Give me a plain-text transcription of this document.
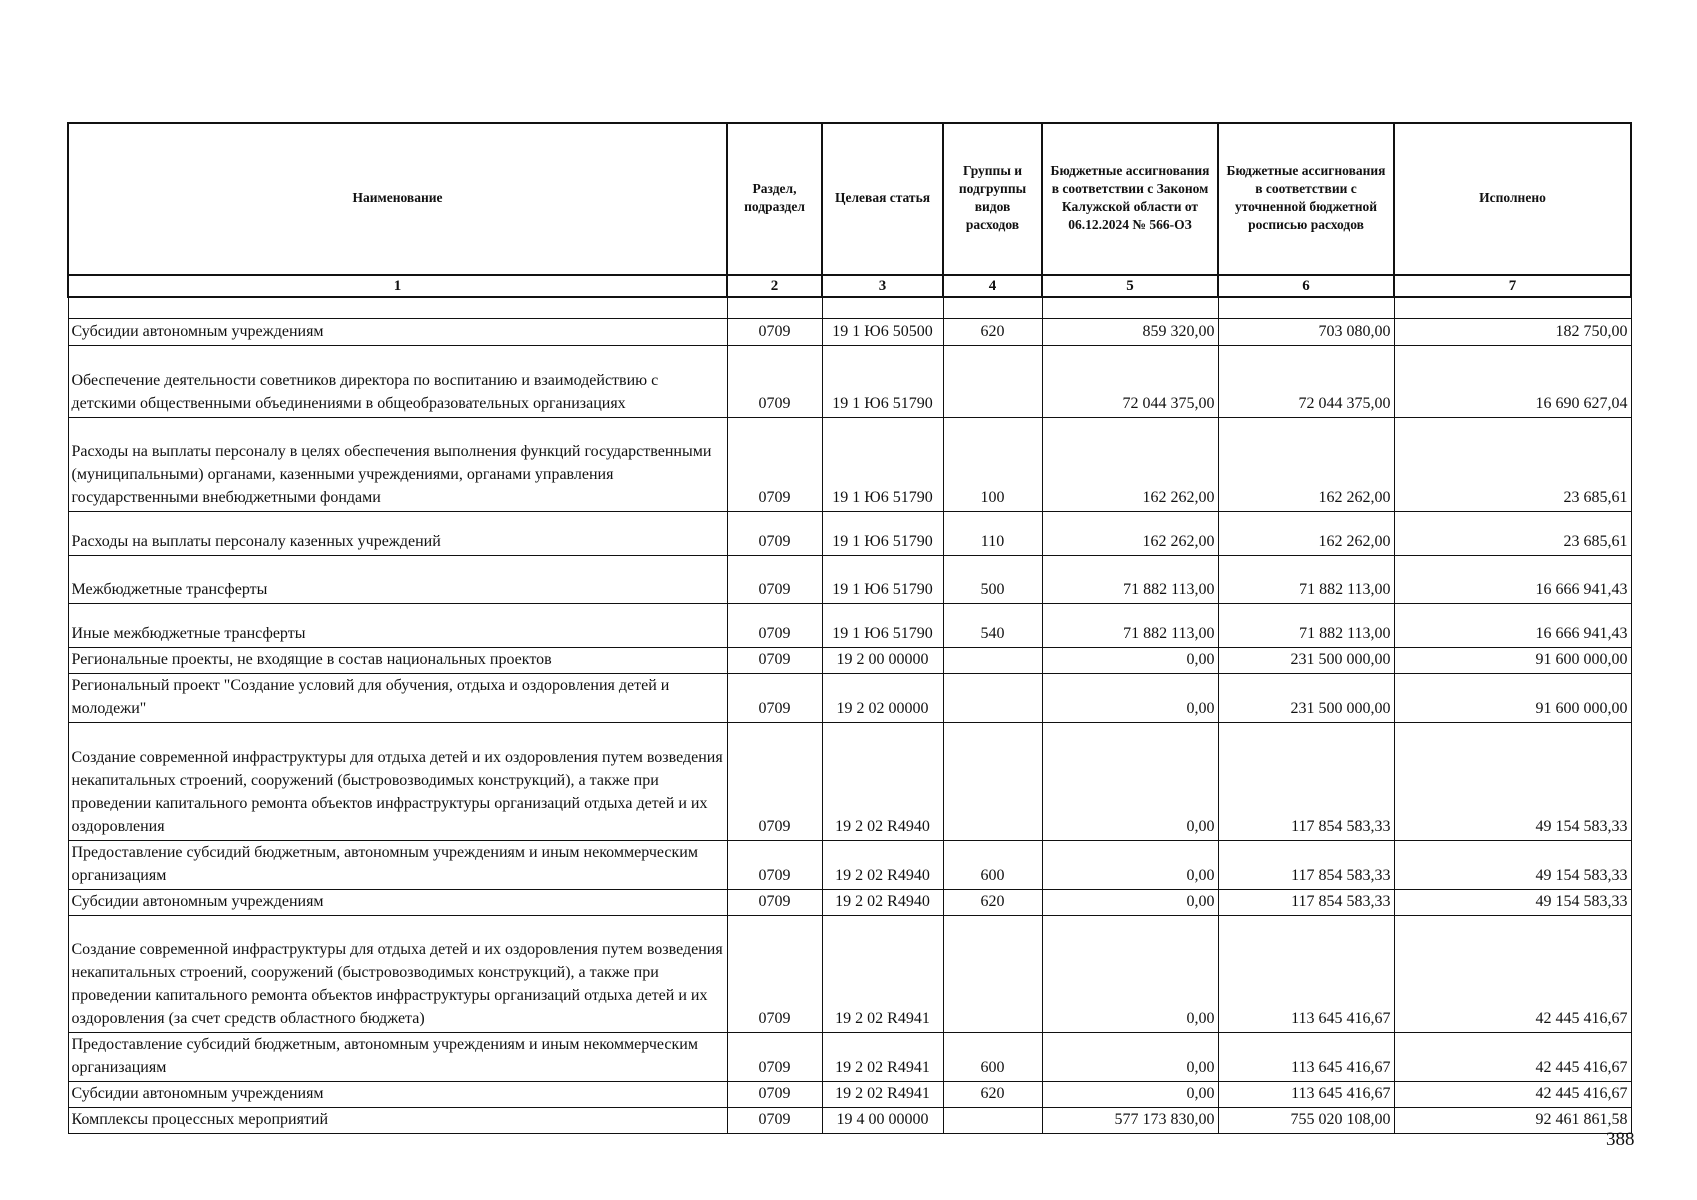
Наименование	Раздел, подраздел	Целевая статья	Группы и подгруппы видов расходов	Бюджетные ассигнования в соответствии с Законом Калужской области от 06.12.2024 № 566-ОЗ	Бюджетные ассигнования в соответствии с уточненной бюджетной росписью расходов	Исполнено
1	2	3	4	5	6	7

Субсидии автономным учреждениям	0709	19 1 Ю6 50500	620	859 320,00	703 080,00	182 750,00
Обеспечение деятельности советников директора по воспитанию и взаимодействию с детскими общественными объединениями в общеобразовательных организациях	0709	19 1 Ю6 51790		72 044 375,00	72 044 375,00	16 690 627,04
Расходы на выплаты персоналу в целях обеспечения выполнения функций государственными (муниципальными) органами, казенными учреждениями, органами управления государственными внебюджетными фондами	0709	19 1 Ю6 51790	100	162 262,00	162 262,00	23 685,61
Расходы на выплаты персоналу казенных учреждений	0709	19 1 Ю6 51790	110	162 262,00	162 262,00	23 685,61
Межбюджетные трансферты	0709	19 1 Ю6 51790	500	71 882 113,00	71 882 113,00	16 666 941,43
Иные межбюджетные трансферты	0709	19 1 Ю6 51790	540	71 882 113,00	71 882 113,00	16 666 941,43
Региональные проекты, не входящие в состав национальных проектов	0709	19 2 00 00000		0,00	231 500 000,00	91 600 000,00
Региональный проект "Создание условий для обучения, отдыха и оздоровления детей и молодежи"	0709	19 2 02 00000		0,00	231 500 000,00	91 600 000,00
Создание современной инфраструктуры для отдыха детей и их оздоровления путем возведения некапитальных строений, сооружений (быстровозводимых конструкций), а также при проведении капитального ремонта объектов инфраструктуры организаций отдыха детей и их оздоровления	0709	19 2 02 R4940		0,00	117 854 583,33	49 154 583,33
Предоставление субсидий бюджетным, автономным учреждениям и иным некоммерческим организациям	0709	19 2 02 R4940	600	0,00	117 854 583,33	49 154 583,33
Субсидии автономным учреждениям	0709	19 2 02 R4940	620	0,00	117 854 583,33	49 154 583,33
Создание современной инфраструктуры для отдыха детей и их оздоровления путем возведения некапитальных строений, сооружений (быстровозводимых конструкций), а также при проведении капитального ремонта объектов инфраструктуры организаций отдыха детей и их оздоровления (за счет средств областного бюджета)	0709	19 2 02 R4941		0,00	113 645 416,67	42 445 416,67
Предоставление субсидий бюджетным, автономным учреждениям и иным некоммерческим организациям	0709	19 2 02 R4941	600	0,00	113 645 416,67	42 445 416,67
Субсидии автономным учреждениям	0709	19 2 02 R4941	620	0,00	113 645 416,67	42 445 416,67
Комплексы процессных мероприятий	0709	19 4 00 00000		577 173 830,00	755 020 108,00	92 461 861,58
388
